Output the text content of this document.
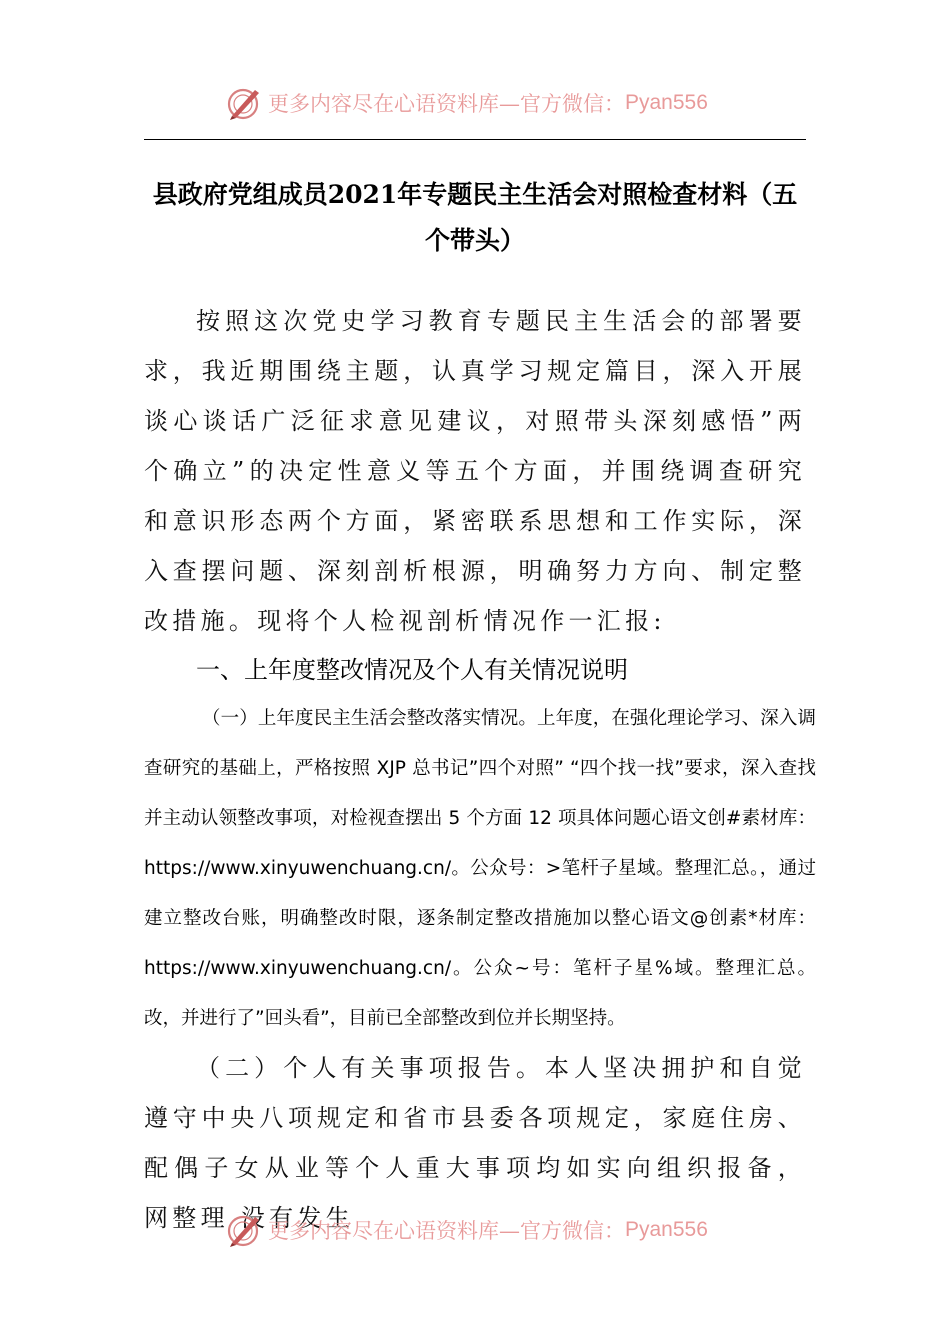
更多内容尽在心语资料库—官方微信： Pyan556
县政府党组成员2021年专题民主生活会对照检查材料（五个带头）
按照这次党史学习教育专题民主生活会的部署要求，我近期围绕主题，认真学习规定篇目，深入开展谈心谈话广泛征求意见建议，对照带头深刻感悟”两个确立”的决定性意义等五个方面，并围绕调查研究和意识形态两个方面，紧密联系思想和工作实际，深入查摆问题、深刻剖析根源，明确努力方向、制定整改措施。现将个人检视剖析情况作一汇报:
一、上年度整改情况及个人有关情况说明
（一）上年度民主生活会整改落实情况。上年度，在强化理论学习、深入调查研究的基础上，严格按照 XJP 总书记”四个对照” “四个找一找”要求，深入查找并主动认领整改事项，对检视查摆出 5 个方面 12 项具体问题心语文创#素材库：https://www.xinyuwenchuang.cn/。公众号：>笔杆子星域。整理汇总。，通过建立整改台账，明确整改时限，逐条制定整改措施加以整心语文@创素*材库：https://www.xinyuwenchuang.cn/。公众~号：笔杆子星%域。整理汇总。改，并进行了”回头看”，目前已全部整改到位并长期坚持。
（二）个人有关事项报告。本人坚决拥护和自觉遵守中央八项规定和省市县委各项规定，家庭住房、配偶子女从业等个人重大事项均如实向组织报备， 网整理 没有发生
更多内容尽在心语资料库—官方微信： Pyan556
